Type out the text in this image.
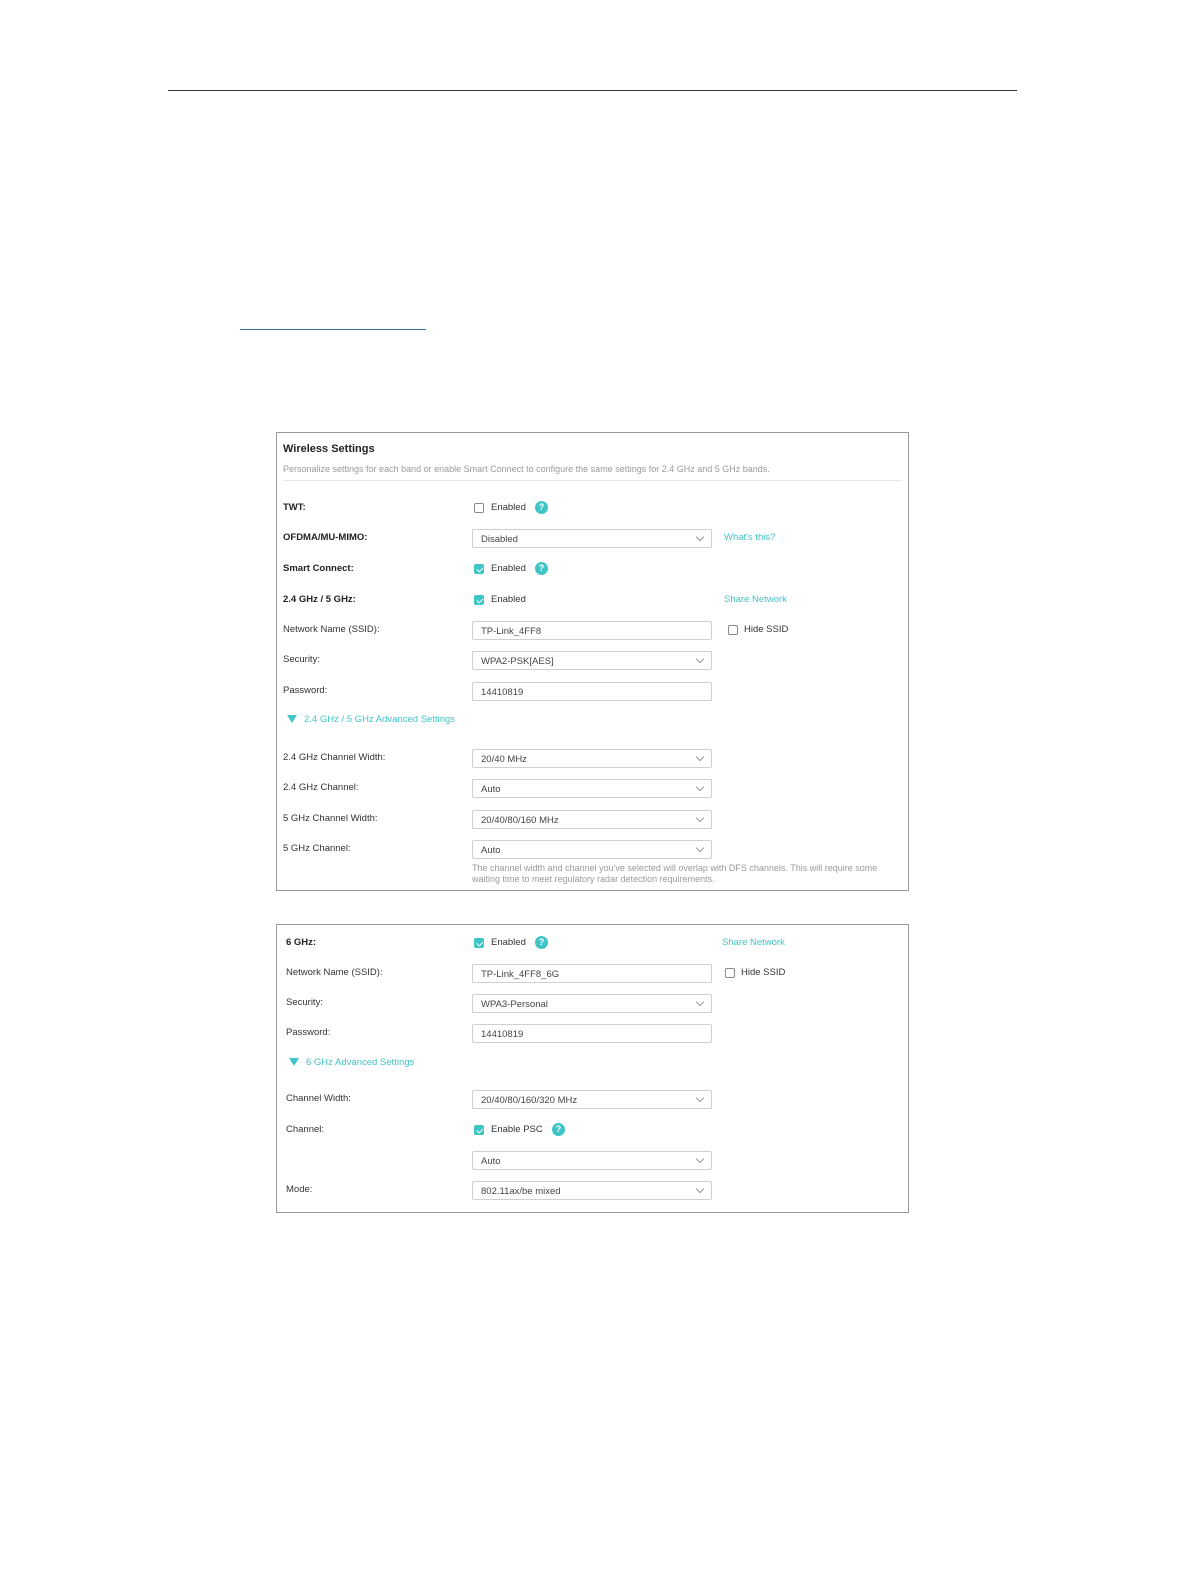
Wireless Settings
Personalize settings for each band or enable Smart Connect to configure the same settings for 2.4 GHz and 5 GHz bands.
TWT:	Enabled	?
OFDMA/MU-MIMO:	Disabled	What's this?
Smart Connect:	Enabled	?
2.4 GHz / 5 GHz:	Enabled	Share Network
Network Name (SSID):	TP-Link_4FF8	Hide SSID
Security:	WPA2-PSK[AES]
Password:	14410819
2.4 GHz / 5 GHz Advanced Settings
2.4 GHz Channel Width:	20/40 MHz
2.4 GHz Channel:	Auto
5 GHz Channel Width:	20/40/80/160 MHz
5 GHz Channel:	Auto
The channel width and channel you've selected will overlap with DFS channels. This will require some waiting time to meet regulatory radar detection requirements.
6 GHz:	Enabled	?	Share Network
Network Name (SSID):	TP-Link_4FF8_6G	Hide SSID
Security:	WPA3-Personal
Password:	14410819
6 GHz Advanced Settings
Channel Width:	20/40/80/160/320 MHz
Channel:	Enable PSC	?
Auto
Mode:	802.11ax/be mixed
